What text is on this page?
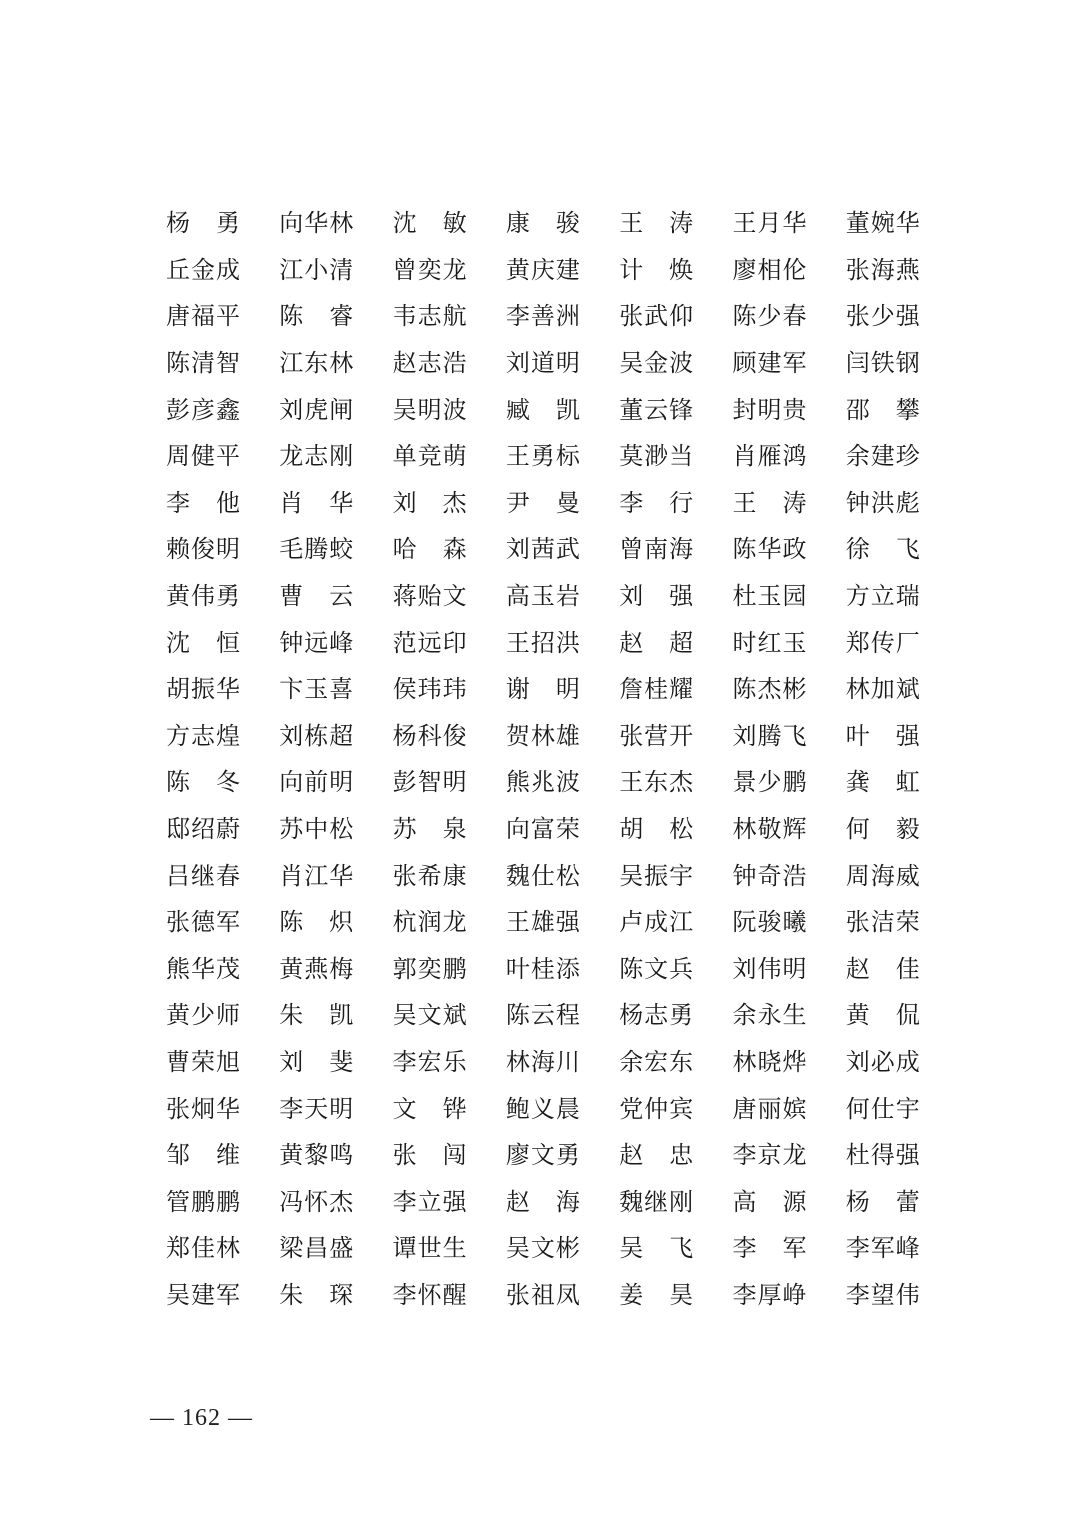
杨　勇	向华林	沈　敏	康　骏	王　涛	王月华	董婉华
丘金成	江小清	曾奕龙	黄庆建	计　焕	廖相伦	张海燕
唐福平	陈　睿	韦志航	李善洲	张武仰	陈少春	张少强
陈清智	江东林	赵志浩	刘道明	吴金波	顾建军	闫铁钢
彭彦鑫	刘虎闸	吴明波	臧　凯	董云锋	封明贵	邵　攀
周健平	龙志刚	单竞萌	王勇标	莫渺当	肖雁鸿	余建珍
李　他	肖　华	刘　杰	尹　曼	李　行	王　涛	钟洪彪
赖俊明	毛腾蛟	哈　森	刘茜武	曾南海	陈华政	徐　飞
黄伟勇	曹　云	蒋贻文	高玉岩	刘　强	杜玉园	方立瑞
沈　恒	钟远峰	范远印	王招洪	赵　超	时红玉	郑传厂
胡振华	卞玉喜	侯玮玮	谢　明	詹桂耀	陈杰彬	林加斌
方志煌	刘栋超	杨科俊	贺林雄	张营开	刘腾飞	叶　强
陈　冬	向前明	彭智明	熊兆波	王东杰	景少鹏	龚　虹
邸绍蔚	苏中松	苏　泉	向富荣	胡　松	林敬辉	何　毅
吕继春	肖江华	张希康	魏仕松	吴振宇	钟奇浩	周海威
张德军	陈　炽	杭润龙	王雄强	卢成江	阮骏曦	张洁荣
熊华茂	黄燕梅	郭奕鹏	叶桂添	陈文兵	刘伟明	赵　佳
黄少师	朱　凯	吴文斌	陈云程	杨志勇	余永生	黄　侃
曹荣旭	刘　斐	李宏乐	林海川	余宏东	林晓烨	刘必成
张炯华	李天明	文　铧	鲍义晨	党仲宾	唐丽嫔	何仕宇
邹　维	黄黎鸣	张　闯	廖文勇	赵　忠	李京龙	杜得强
管鹏鹏	冯怀杰	李立强	赵　海	魏继刚	高　源	杨　蕾
郑佳林	梁昌盛	谭世生	吴文彬	吴　飞	李　军	李军峰
吴建军	朱　琛	李怀醒	张祖凤	姜　昊	李厚峥	李望伟
— 162 —
